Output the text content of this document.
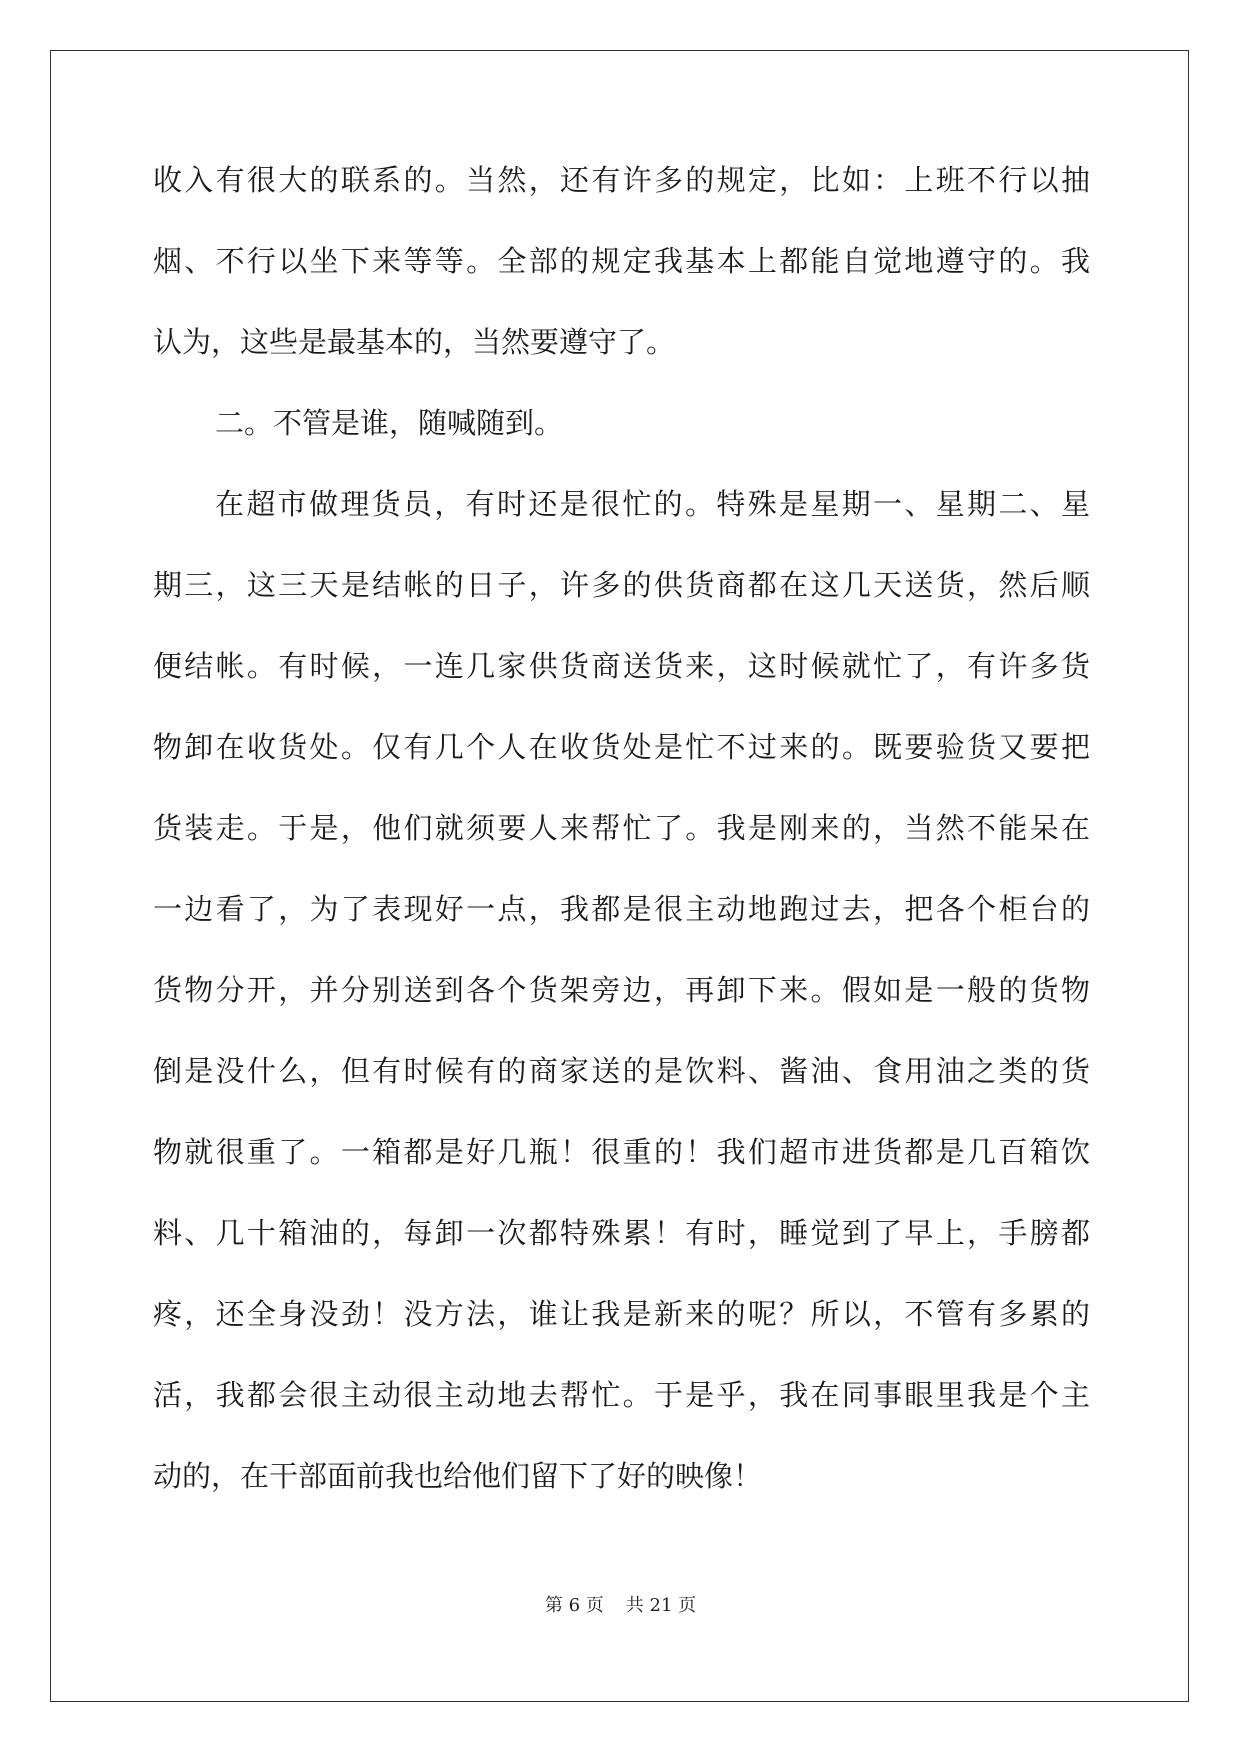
收入有很大的联系的。当然，还有许多的规定，比如：上班不行以抽
烟、不行以坐下来等等。全部的规定我基本上都能自觉地遵守的。我
认为，这些是最基本的，当然要遵守了。
二。不管是谁，随喊随到。
在超市做理货员，有时还是很忙的。特殊是星期一、星期二、星
期三，这三天是结帐的日子，许多的供货商都在这几天送货，然后顺
便结帐。有时候，一连几家供货商送货来，这时候就忙了，有许多货
物卸在收货处。仅有几个人在收货处是忙不过来的。既要验货又要把
货装走。于是，他们就须要人来帮忙了。我是刚来的，当然不能呆在
一边看了，为了表现好一点，我都是很主动地跑过去，把各个柜台的
货物分开，并分别送到各个货架旁边，再卸下来。假如是一般的货物
倒是没什么，但有时候有的商家送的是饮料、酱油、食用油之类的货
物就很重了。一箱都是好几瓶！很重的！我们超市进货都是几百箱饮
料、几十箱油的，每卸一次都特殊累！有时，睡觉到了早上，手膀都
疼，还全身没劲！没方法，谁让我是新来的呢？所以，不管有多累的
活，我都会很主动很主动地去帮忙。于是乎，我在同事眼里我是个主
动的，在干部面前我也给他们留下了好的映像！
第 6 页 共 21 页
